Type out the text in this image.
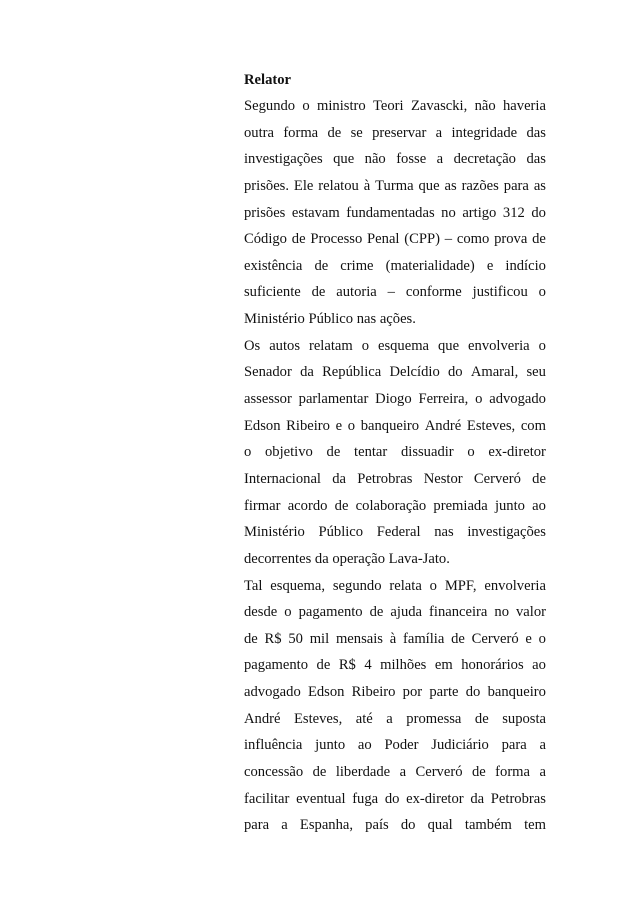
Relator
Segundo o ministro Teori Zavascki, não haveria
outra forma de se preservar a integridade das
investigações que não fosse a decretação das
prisões. Ele relatou à Turma que as razões para as
prisões estavam fundamentadas no artigo 312 do
Código de Processo Penal (CPP) – como prova de
existência de crime (materialidade) e indício
suficiente de autoria – conforme justificou o
Ministério Público nas ações.
Os autos relatam o esquema que envolveria o
Senador da República Delcídio do Amaral, seu
assessor parlamentar Diogo Ferreira, o advogado
Edson Ribeiro e o banqueiro André Esteves, com
o objetivo de tentar dissuadir o ex-diretor
Internacional da Petrobras Nestor Cerveró de
firmar acordo de colaboração premiada junto ao
Ministério Público Federal nas investigações
decorrentes da operação Lava-Jato.
Tal esquema, segundo relata o MPF, envolveria
desde o pagamento de ajuda financeira no valor
de R$ 50 mil mensais à família de Cerveró e o
pagamento de R$ 4 milhões em honorários ao
advogado Edson Ribeiro por parte do banqueiro
André Esteves, até a promessa de suposta
influência junto ao Poder Judiciário para a
concessão de liberdade a Cerveró de forma a
facilitar eventual fuga do ex-diretor da Petrobras
para a Espanha, país do qual também tem
